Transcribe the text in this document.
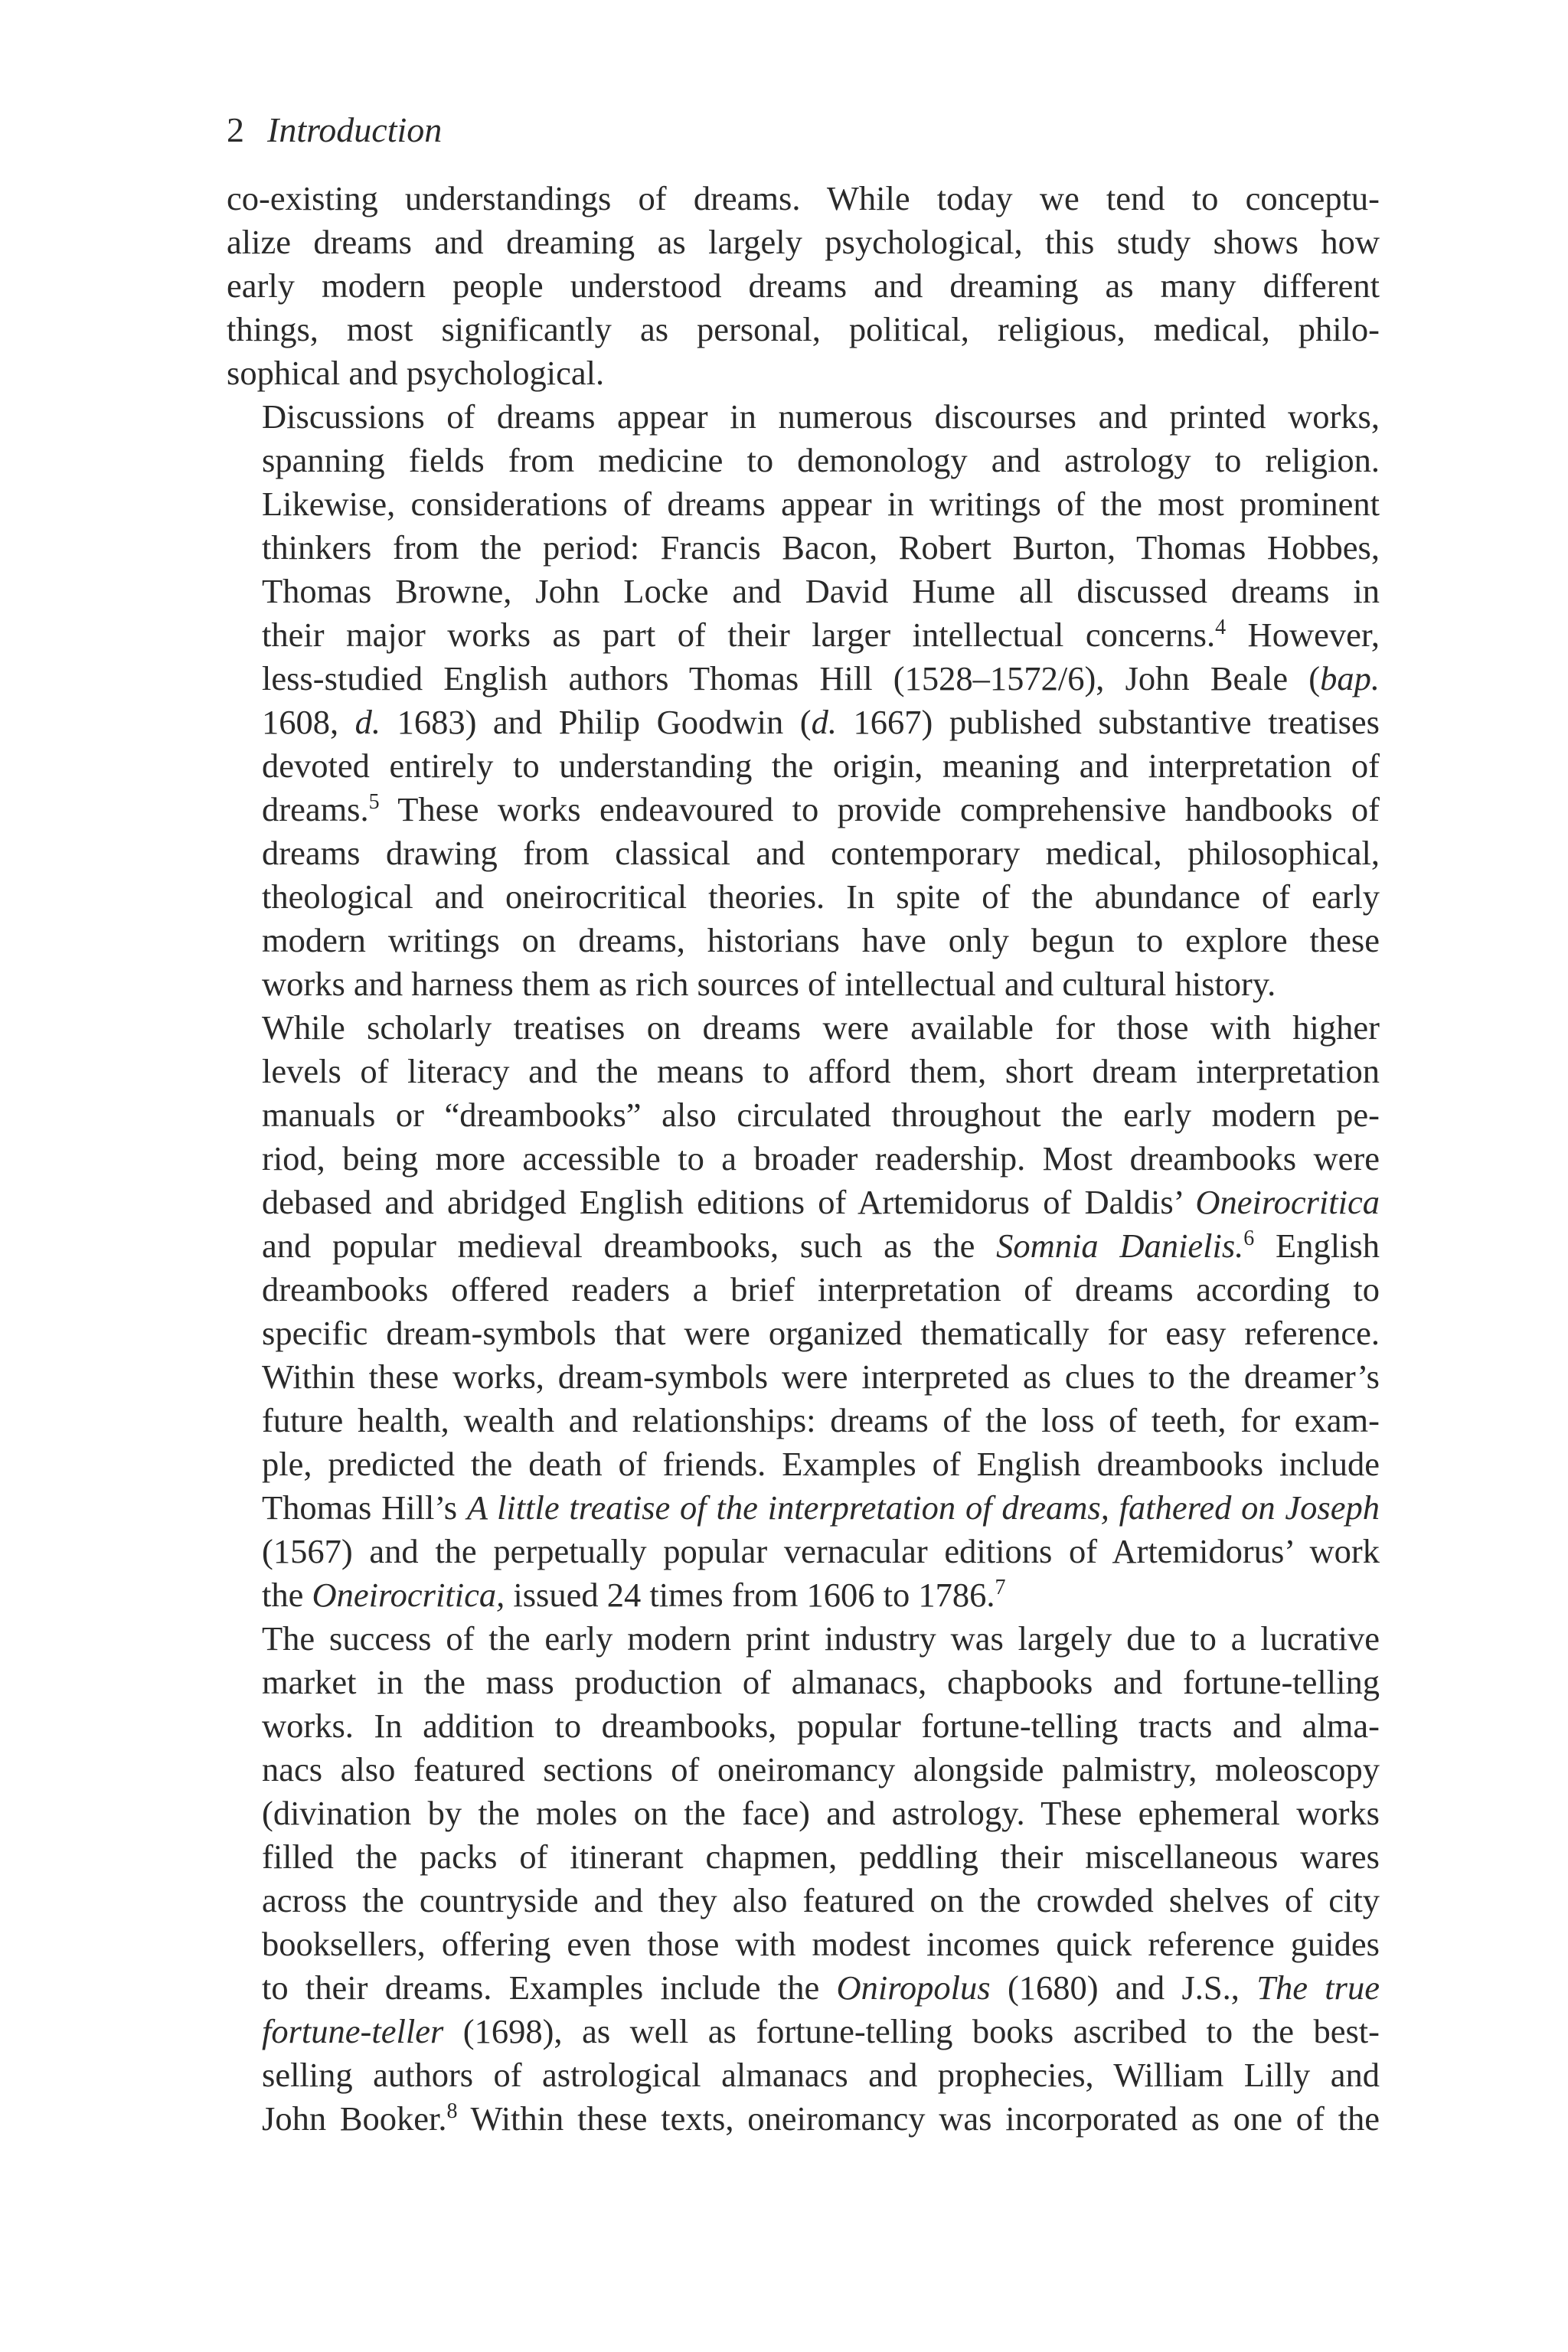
2 Introduction

co-existing understandings of dreams. While today we tend to conceptu-
alize dreams and dreaming as largely psychological, this study shows how
early modern people understood dreams and dreaming as many different
things, most significantly as personal, political, religious, medical, philo-
sophical and psychological.

Discussions of dreams appear in numerous discourses and printed works,
spanning fields from medicine to demonology and astrology to religion.
Likewise, considerations of dreams appear in writings of the most prominent
thinkers from the period: Francis Bacon, Robert Burton, Thomas Hobbes,
Thomas Browne, John Locke and David Hume all discussed dreams in
their major works as part of their larger intellectual concerns.$^4$ However,
less-studied English authors Thomas Hill (1528–1572/6), John Beale (bap.
1608, d. 1683) and Philip Goodwin (d. 1667) published substantive treatises
devoted entirely to understanding the origin, meaning and interpretation of
dreams.$^5$ These works endeavoured to provide comprehensive handbooks of
dreams drawing from classical and contemporary medical, philosophical,
theological and oneirocritical theories. In spite of the abundance of early
modern writings on dreams, historians have only begun to explore these
works and harness them as rich sources of intellectual and cultural history.

While scholarly treatises on dreams were available for those with higher
levels of literacy and the means to afford them, short dream interpretation
manuals or “dreambooks” also circulated throughout the early modern pe-
riod, being more accessible to a broader readership. Most dreambooks were
debased and abridged English editions of Artemidorus of Daldis’ Oneirocritica
and popular medieval dreambooks, such as the Somnia Danielis.$^6$ English
dreambooks offered readers a brief interpretation of dreams according to
specific dream-symbols that were organized thematically for easy reference.
Within these works, dream-symbols were interpreted as clues to the dreamer’s
future health, wealth and relationships: dreams of the loss of teeth, for exam-
ple, predicted the death of friends. Examples of English dreambooks include
Thomas Hill’s A little treatise of the interpretation of dreams, fathered on Joseph
(1567) and the perpetually popular vernacular editions of Artemidorus’ work
the Oneirocritica, issued 24 times from 1606 to 1786.$^7$

The success of the early modern print industry was largely due to a lucrative
market in the mass production of almanacs, chapbooks and fortune-telling
works. In addition to dreambooks, popular fortune-telling tracts and alma-
nacs also featured sections of oneiromancy alongside palmistry, moleoscopy
(divination by the moles on the face) and astrology. These ephemeral works
filled the packs of itinerant chapmen, peddling their miscellaneous wares
across the countryside and they also featured on the crowded shelves of city
booksellers, offering even those with modest incomes quick reference guides
to their dreams. Examples include the Oniropolus (1680) and J.S., The true
fortune-teller (1698), as well as fortune-telling books ascribed to the best-
selling authors of astrological almanacs and prophecies, William Lilly and
John Booker.$^8$ Within these texts, oneiromancy was incorporated as one of the
